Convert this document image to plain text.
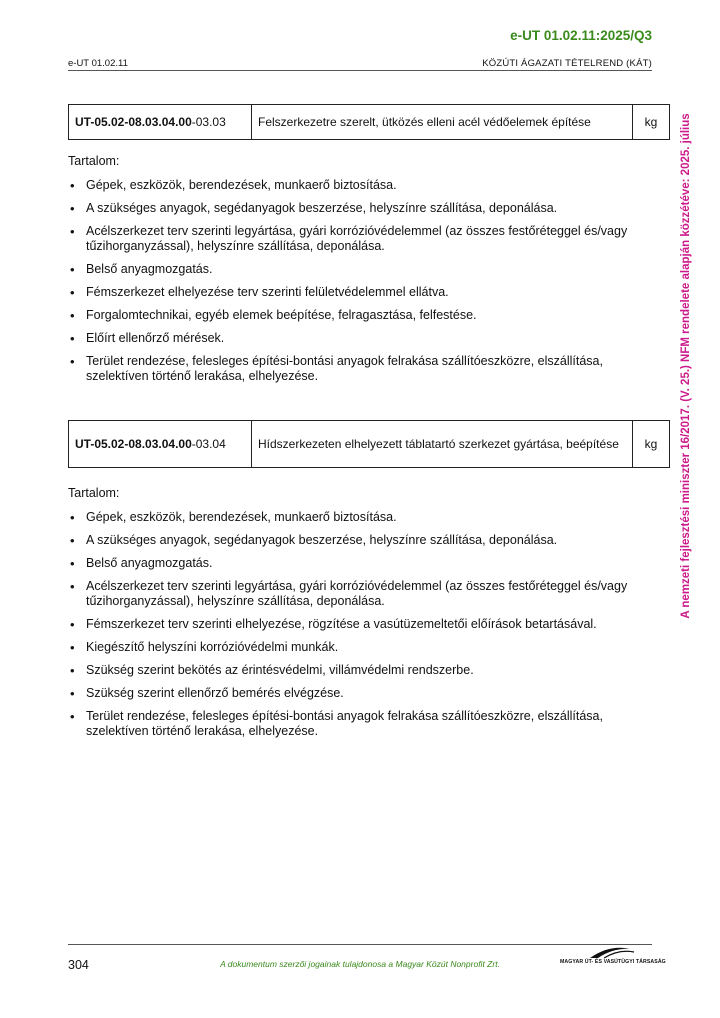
e-UT 01.02.11:2025/Q3
e-UT 01.02.11	KÖZÚTI ÁGAZATI TÉTELREND (KÁT)
A nemzeti fejlesztési miniszter 16/2017. (V. 25.) NFM rendelete alapján közzétéve: 2025. július
UT-05.02-08.03.04.00-03.03	Felszerkezetre szerelt, ütközés elleni acél védőelemek építése	kg
Tartalom:
• Gépek, eszközök, berendezések, munkaerő biztosítása.
• A szükséges anyagok, segédanyagok beszerzése, helyszínre szállítása, deponálása.
• Acélszerkezet terv szerinti legyártása, gyári korrózióvédelemmel (az összes festőréteggel és/vagy tűzihorganyzással), helyszínre szállítása, deponálása.
• Belső anyagmozgatás.
• Fémszerkezet elhelyezése terv szerinti felületvédelemmel ellátva.
• Forgalomtechnikai, egyéb elemek beépítése, felragasztása, felfestése.
• Előírt ellenőrző mérések.
• Terület rendezése, felesleges építési-bontási anyagok felrakása szállítóeszközre, elszállítása, szelektíven történő lerakása, elhelyezése.
UT-05.02-08.03.04.00-03.04	Hídszerkezeten elhelyezett táblatartó szerkezet gyártása, beépítése	kg
Tartalom:
• Gépek, eszközök, berendezések, munkaerő biztosítása.
• A szükséges anyagok, segédanyagok beszerzése, helyszínre szállítása, deponálása.
• Belső anyagmozgatás.
• Acélszerkezet terv szerinti legyártása, gyári korrózióvédelemmel (az összes festőréteggel és/vagy tűzihorganyzással), helyszínre szállítása, deponálása.
• Fémszerkezet terv szerinti elhelyezése, rögzítése a vasútüzemeltetői előírások betartásával.
• Kiegészítő helyszíni korrózióvédelmi munkák.
• Szükség szerint bekötés az érintésvédelmi, villámvédelmi rendszerbe.
• Szükség szerint ellenőrző bemérés elvégzése.
• Terület rendezése, felesleges építési-bontási anyagok felrakása szállítóeszközre, elszállítása, szelektíven történő lerakása, elhelyezése.
304	A dokumentum szerzői jogainak tulajdonosa a Magyar Közút Nonprofit Zrt.	MAGYAR ÚT- ÉS VASÚTÜGYI TÁRSASÁG
